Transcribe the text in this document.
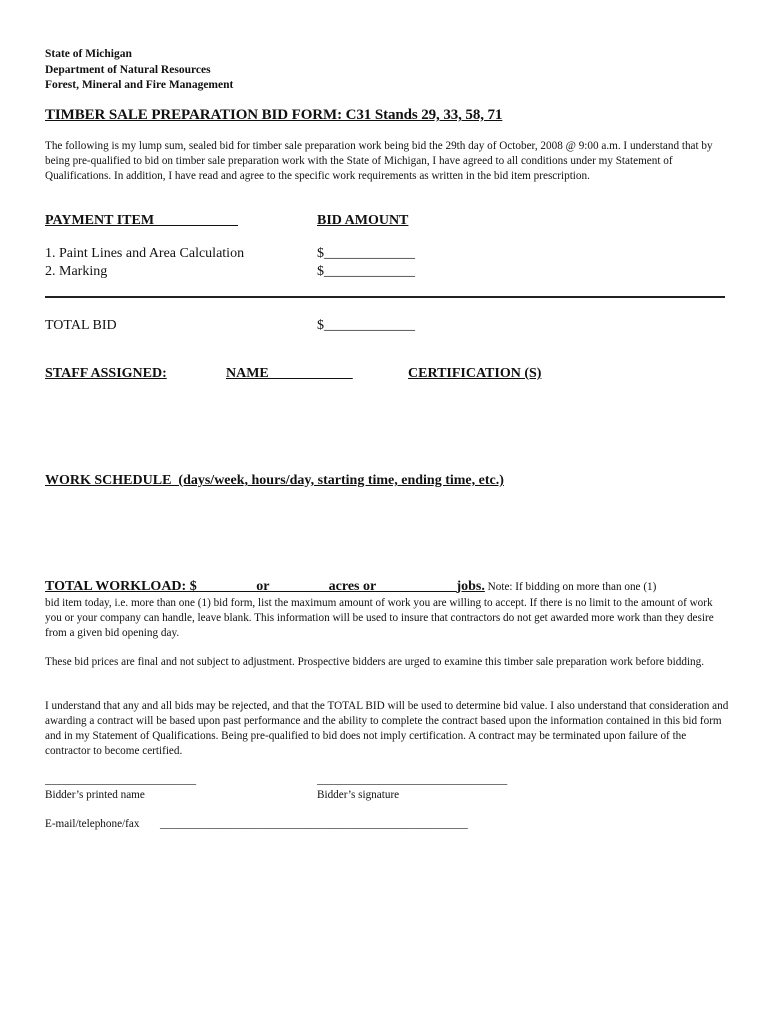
State of Michigan
Department of Natural Resources
Forest, Mineral and Fire Management
TIMBER SALE PREPARATION BID FORM: C31 Stands 29, 33, 58, 71
The following is my lump sum, sealed bid for timber sale preparation work being bid the 29th day of October, 2008 @ 9:00 a.m. I understand that by being pre-qualified to bid on timber sale preparation work with the State of Michigan, I have agreed to all conditions under my Statement of Qualifications. In addition, I have read and agree to the specific work requirements as written in the bid item prescription.
PAYMENT ITEM	BID AMOUNT
1. Paint Lines and Area Calculation	$_____________
2. Marking	$_____________
TOTAL BID	$_____________
STAFF ASSIGNED:	NAME	CERTIFICATION (S)
WORK SCHEDULE  (days/week, hours/day, starting time, ending time, etc.)
TOTAL WORKLOAD: $________ or ________acres or ___________jobs. Note: If bidding on more than one (1)
bid item today, i.e. more than one (1) bid form, list the maximum amount of work you are willing to accept. If there is no limit to the amount of work you or your company can handle, leave blank. This information will be used to insure that contractors do not get awarded more work than they desire from a given bid opening day.
These bid prices are final and not subject to adjustment. Prospective bidders are urged to examine this timber sale preparation work before bidding.
I understand that any and all bids may be rejected, and that the TOTAL BID will be used to determine bid value. I also understand that consideration and awarding a contract will be based upon past performance and the ability to complete the contract based upon the information contained in this bid form and in my Statement of Qualifications. Being pre-qualified to bid does not imply certification. A contract may be terminated upon failure of the contractor to become certified.
___________________________	__________________________________
Bidder’s printed name	Bidder’s signature
E-mail/telephone/fax _______________________________________________________
